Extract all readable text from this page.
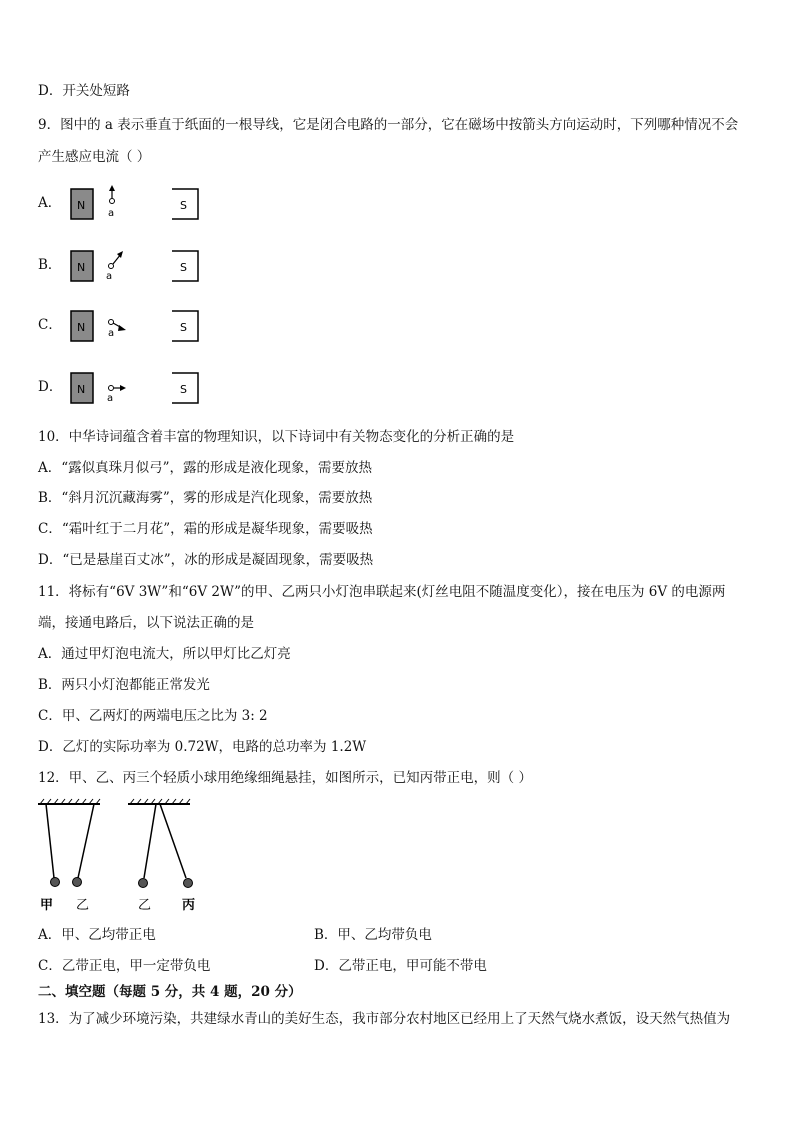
D．开关处短路
9．图中的 a 表示垂直于纸面的一根导线，它是闭合电路的一部分，它在磁场中按箭头方向运动时，下列哪种情况不会
产生感应电流（ ）
A． N
a
S
B． N
a
S
C． N a	S
D． N
a
S
10．中华诗词蕴含着丰富的物理知识，以下诗词中有关物态变化的分析正确的是
A．“露似真珠月似弓”，露的形成是液化现象，需要放热
B．“斜月沉沉藏海雾”，雾的形成是汽化现象，需要放热
C．“霜叶红于二月花”，霜的形成是凝华现象，需要吸热
D．“已是悬崖百丈冰”，冰的形成是凝固现象，需要吸热
11．将标有“6V 3W”和“6V 2W”的甲、乙两只小灯泡串联起来(灯丝电阻不随温度变化），接在电压为 6V 的电源两
端，接通电路后，以下说法正确的是
A．通过甲灯泡电流大，所以甲灯比乙灯亮
B．两只小灯泡都能正常发光
C．甲、乙两灯的两端电压之比为 3: 2
D．乙灯的实际功率为 0.72W，电路的总功率为 1.2W
12．甲、乙、丙三个轻质小球用绝缘细绳悬挂，如图所示，已知丙带正电，则（ ）
甲 乙	乙 丙
A．甲、乙均带正电	B．甲、乙均带负电
C．乙带正电，甲一定带负电	D．乙带正电，甲可能不带电
二、填空题（每题 5 分，共 4 题，20 分）
13．为了减少环境污染，共建绿水青山的美好生态，我市部分农村地区已经用上了天然气烧水煮饭，设天然气热值为
